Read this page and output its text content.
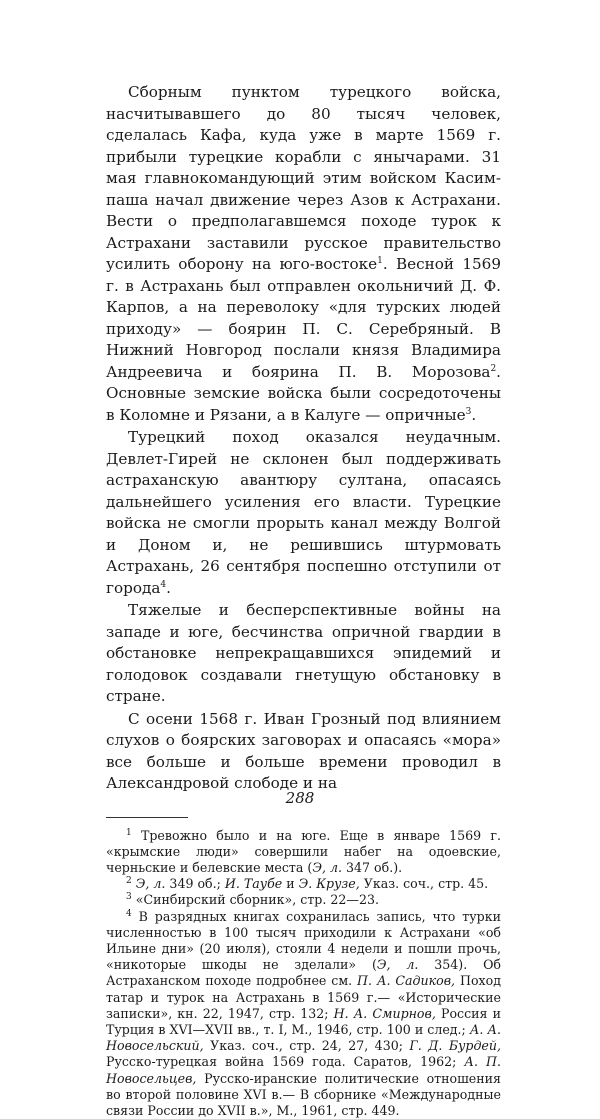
Сборным пунктом турецкого войска, насчитывавшего до 80 тысяч человек, сделалась Кафа, куда уже в марте 1569 г. прибыли турецкие корабли с янычарами. 31 мая главнокомандующий этим войском Касим-паша начал движение через Азов к Астрахани. Вести о предполагавшемся походе турок к Астрахани заставили русское правительство усилить оборону на юго-востоке$^1$. Весной 1569 г. в Астрахань был отправлен окольничий Д. Ф. Карпов, а на переволоку «для турских людей приходу» — боярин П. С. Серебряный. В Нижний Новгород послали князя Владимира Андреевича и боярина П. В. Морозова$^2$. Основные земские войска были сосредоточены в Коломне и Рязани, а в Калуге — опричные$^3$.

Турецкий поход оказался неудачным. Девлет-Гирей не склонен был поддерживать астраханскую авантюру султана, опасаясь дальнейшего усиления его власти. Турецкие войска не смогли прорыть канал между Волгой и Доном и, не решившись штурмовать Астрахань, 26 сентября поспешно отступили от города$^4$.

Тяжелые и бесперспективные войны на западе и юге, бесчинства опричной гвардии в обстановке непрекращавшихся эпидемий и голодовок создавали гнетущую обстановку в стране.

С осени 1568 г. Иван Грозный под влиянием слухов о боярских заговорах и опасаясь «мора» все больше и больше времени проводил в Александровой слободе и на

$^1$ Тревожно было и на юге. Еще в январе 1569 г. «крымские люди» совершили набег на одоевские, черньские и белевские места (Э, л. 347 об.).

$^2$ Э, л. 349 об.; И. Таубе и Э. Крузе, Указ. соч., стр. 45.

$^3$ «Синбирский сборник», стр. 22—23.

$^4$ В разрядных книгах сохранилась запись, что турки численностью в 100 тысяч приходили к Астрахани «об Ильине дни» (20 июля), стояли 4 недели и пошли прочь, «никоторые шкоды не зделали» (Э, л. 354). Об Астраханском походе подробнее см. П. А. Садиков, Поход татар и турок на Астрахань в 1569 г.— «Исторические записки», кн. 22, 1947, стр. 132; Н. А. Смирнов, Россия и Турция в XVI—XVII вв., т. I, М., 1946, стр. 100 и след.; А. А. Новосельский, Указ. соч., стр. 24, 27, 430; Г. Д. Бурдей, Русско-турецкая война 1569 года. Саратов, 1962; А. П. Новосельцев, Русско-иранские политические отношения во второй половине XVI в.— В сборнике «Международные связи России до XVII в.», М., 1961, стр. 449.

288
